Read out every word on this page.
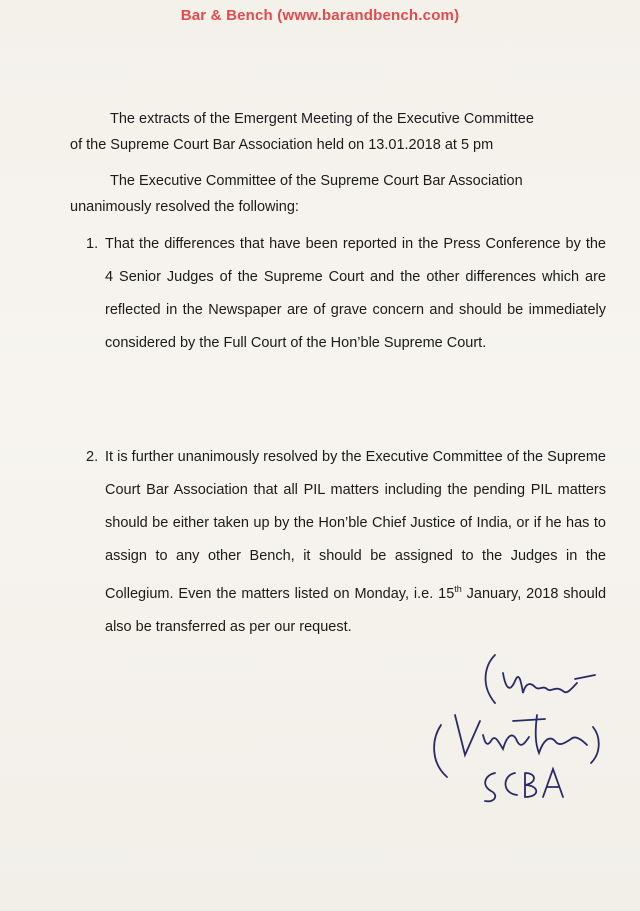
Bar & Bench (www.barandbench.com)
The extracts of the Emergent Meeting of the Executive Committee
of the Supreme Court Bar Association held on 13.01.2018 at 5 pm
The Executive Committee of the Supreme Court Bar Association
unanimously resolved the following:
1. That the differences that have been reported in the Press Conference by the 4 Senior Judges of the Supreme Court and the other differences which are reflected in the Newspaper are of grave concern and should be immediately considered by the Full Court of the Hon’ble Supreme Court.
2. It is further unanimously resolved by the Executive Committee of the Supreme Court Bar Association that all PIL matters including the pending PIL matters should be either taken up by the Hon’ble Chief Justice of India, or if he has to assign to any other Bench, it should be assigned to the Judges in the Collegium. Even the matters listed on Monday, i.e. 15th January, 2018 should also be transferred as per our request.
